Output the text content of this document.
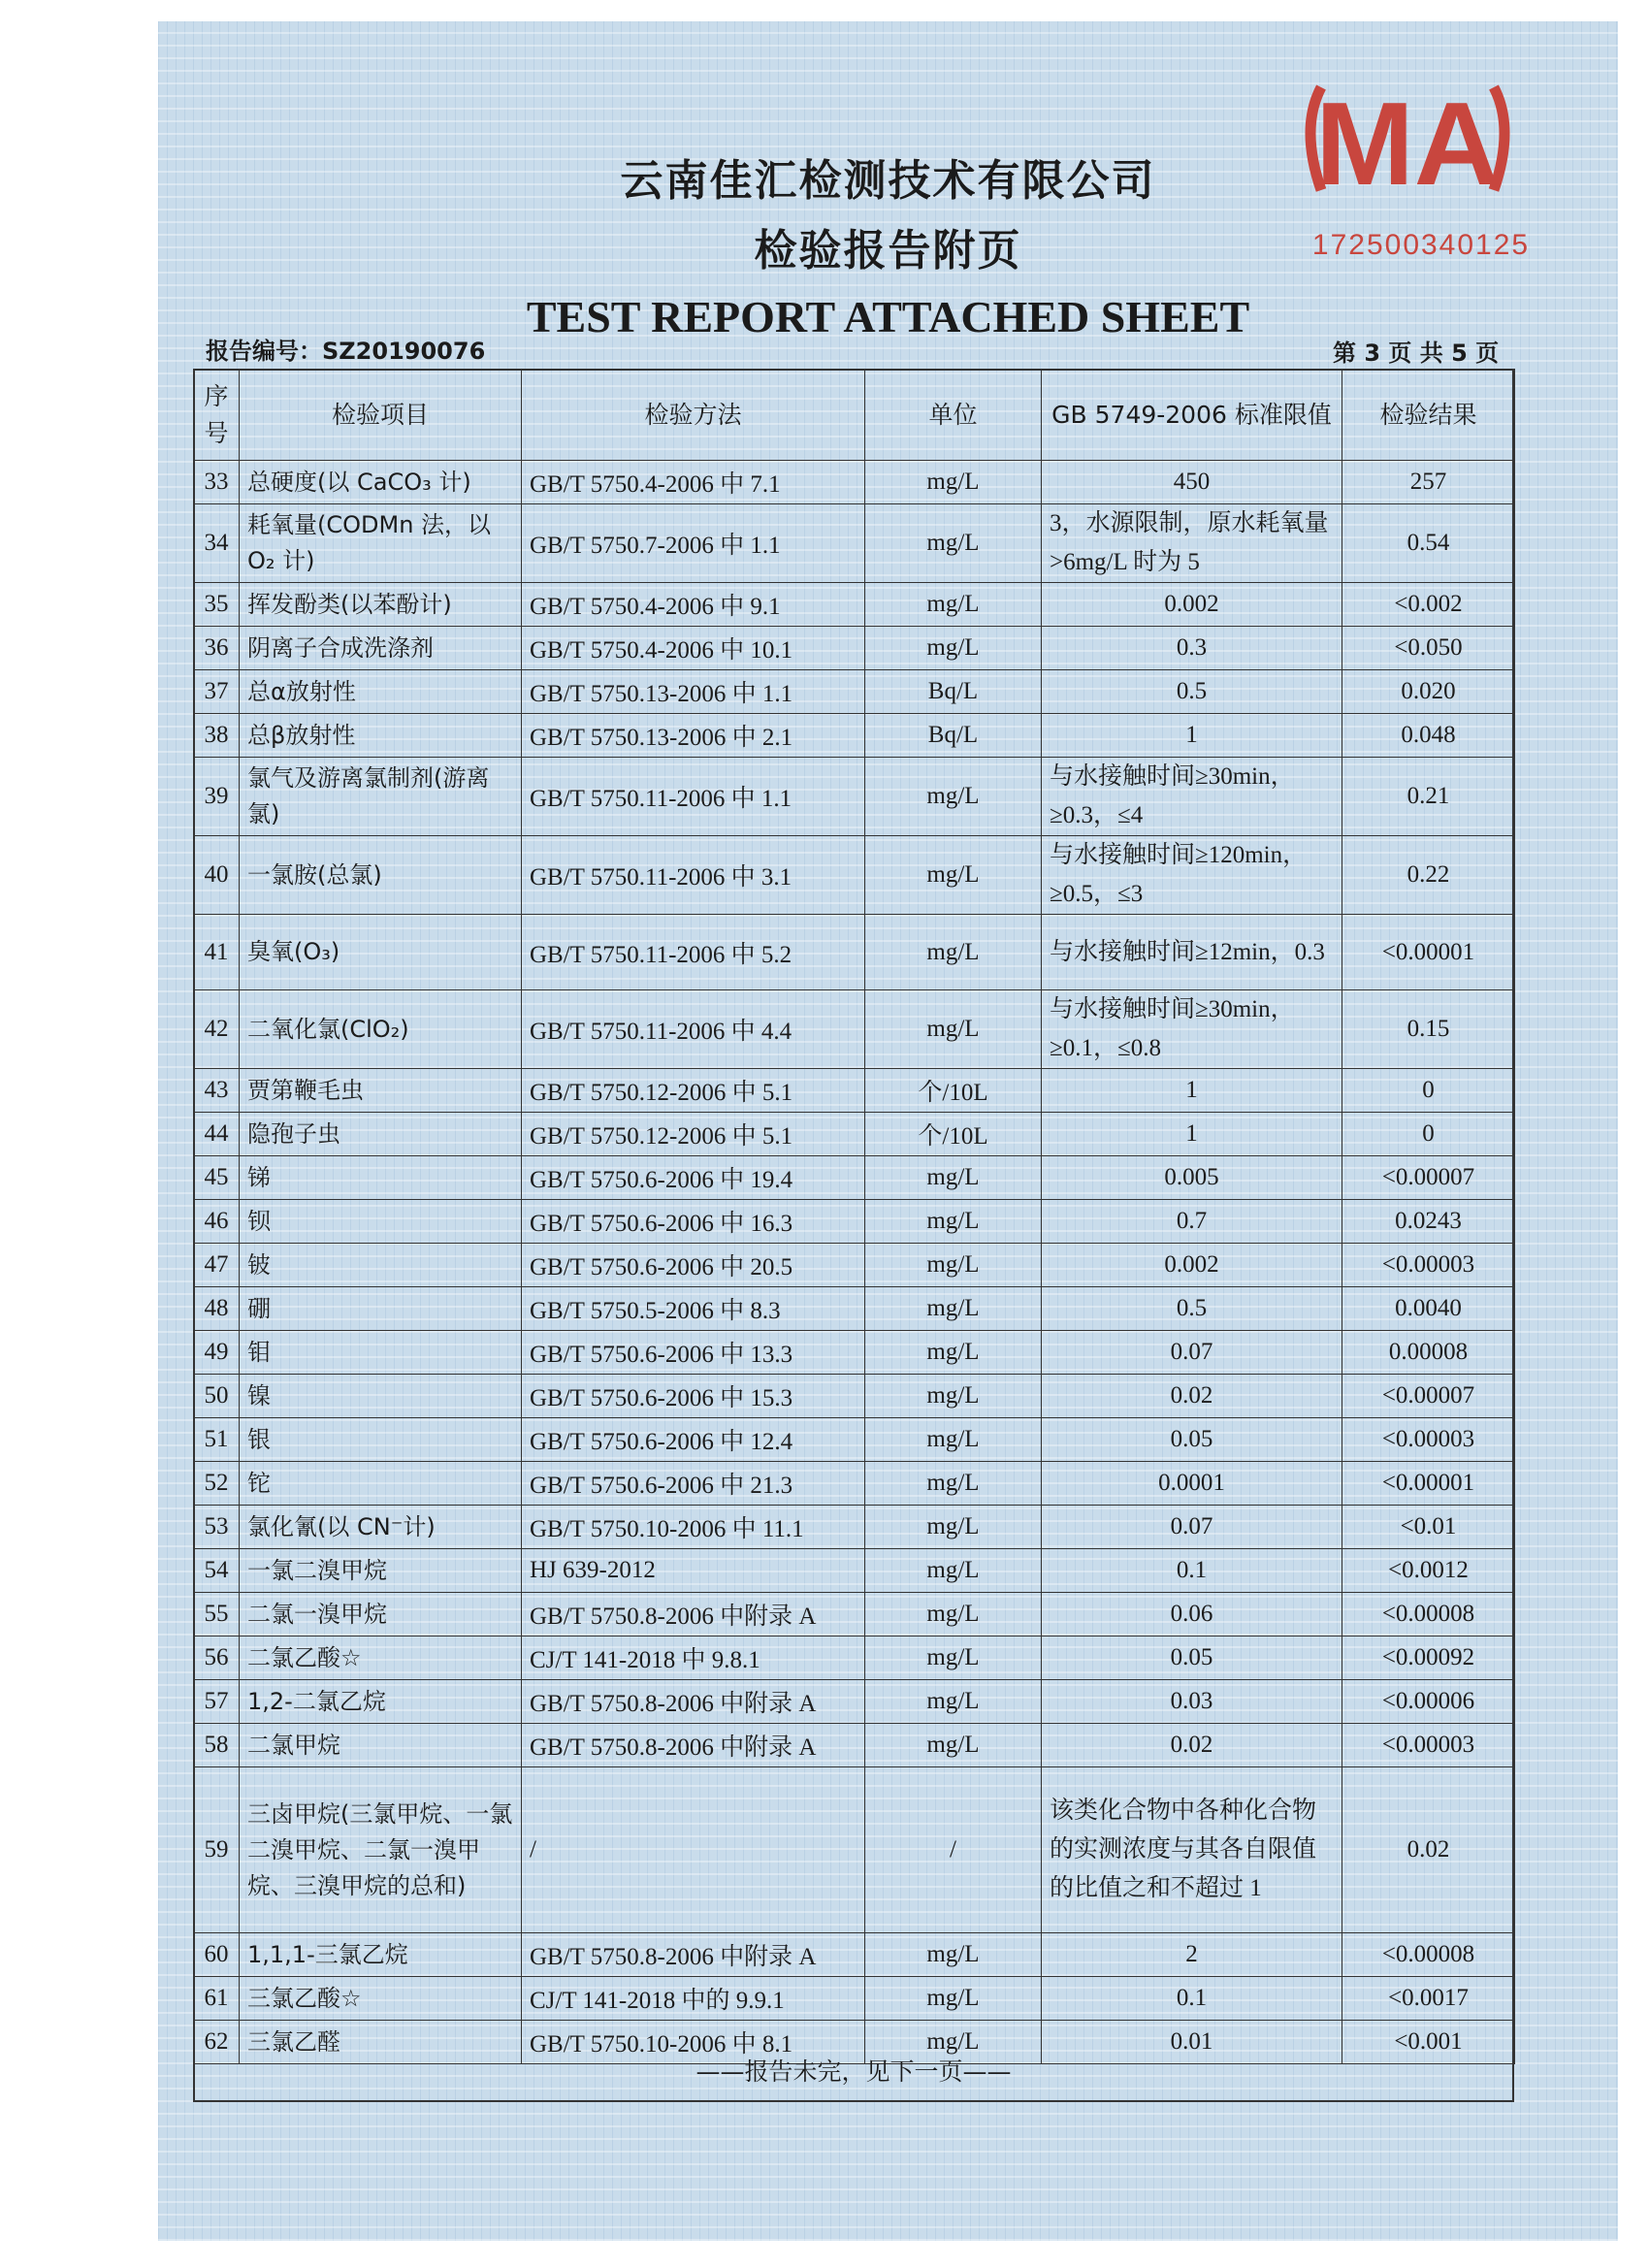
云南佳汇检测技术有限公司
检验报告附页
TEST REPORT ATTACHED SHEET
MA
172500340125
报告编号：SZ20190076	第 3 页 共 5 页
序号	检验项目	检验方法	单位	GB 5749-2006 标准限值	检验结果
33	总硬度(以 CaCO₃ 计)	GB/T 5750.4-2006 中 7.1	mg/L	450	257
34	耗氧量(CODMn 法，以 O₂ 计)	GB/T 5750.7-2006 中 1.1	mg/L	3，水源限制，原水耗氧量>6mg/L 时为 5	0.54
35	挥发酚类(以苯酚计)	GB/T 5750.4-2006 中 9.1	mg/L	0.002	<0.002
36	阴离子合成洗涤剂	GB/T 5750.4-2006 中 10.1	mg/L	0.3	<0.050
37	总α放射性	GB/T 5750.13-2006 中 1.1	Bq/L	0.5	0.020
38	总β放射性	GB/T 5750.13-2006 中 2.1	Bq/L	1	0.048
39	氯气及游离氯制剂(游离氯)	GB/T 5750.11-2006 中 1.1	mg/L	与水接触时间≥30min，≥0.3，≤4	0.21
40	一氯胺(总氯)	GB/T 5750.11-2006 中 3.1	mg/L	与水接触时间≥120min，≥0.5，≤3	0.22
41	臭氧(O₃)	GB/T 5750.11-2006 中 5.2	mg/L	与水接触时间≥12min，0.3	<0.00001
42	二氧化氯(ClO₂)	GB/T 5750.11-2006 中 4.4	mg/L	与水接触时间≥30min，≥0.1，≤0.8	0.15
43	贾第鞭毛虫	GB/T 5750.12-2006 中 5.1	个/10L	1	0
44	隐孢子虫	GB/T 5750.12-2006 中 5.1	个/10L	1	0
45	锑	GB/T 5750.6-2006 中 19.4	mg/L	0.005	<0.00007
46	钡	GB/T 5750.6-2006 中 16.3	mg/L	0.7	0.0243
47	铍	GB/T 5750.6-2006 中 20.5	mg/L	0.002	<0.00003
48	硼	GB/T 5750.5-2006 中 8.3	mg/L	0.5	0.0040
49	钼	GB/T 5750.6-2006 中 13.3	mg/L	0.07	0.00008
50	镍	GB/T 5750.6-2006 中 15.3	mg/L	0.02	<0.00007
51	银	GB/T 5750.6-2006 中 12.4	mg/L	0.05	<0.00003
52	铊	GB/T 5750.6-2006 中 21.3	mg/L	0.0001	<0.00001
53	氯化氰(以 CN⁻计)	GB/T 5750.10-2006 中 11.1	mg/L	0.07	<0.01
54	一氯二溴甲烷	HJ 639-2012	mg/L	0.1	<0.0012
55	二氯一溴甲烷	GB/T 5750.8-2006 中附录 A	mg/L	0.06	<0.00008
56	二氯乙酸☆	CJ/T 141-2018 中 9.8.1	mg/L	0.05	<0.00092
57	1,2-二氯乙烷	GB/T 5750.8-2006 中附录 A	mg/L	0.03	<0.00006
58	二氯甲烷	GB/T 5750.8-2006 中附录 A	mg/L	0.02	<0.00003
59	三卤甲烷(三氯甲烷、一氯二溴甲烷、二氯一溴甲烷、三溴甲烷的总和)	/	/	该类化合物中各种化合物的实测浓度与其各自限值的比值之和不超过 1	0.02
60	1,1,1-三氯乙烷	GB/T 5750.8-2006 中附录 A	mg/L	2	<0.00008
61	三氯乙酸☆	CJ/T 141-2018 中的 9.9.1	mg/L	0.1	<0.0017
62	三氯乙醛	GB/T 5750.10-2006 中 8.1	mg/L	0.01	<0.001
——报告未完，见下一页——
